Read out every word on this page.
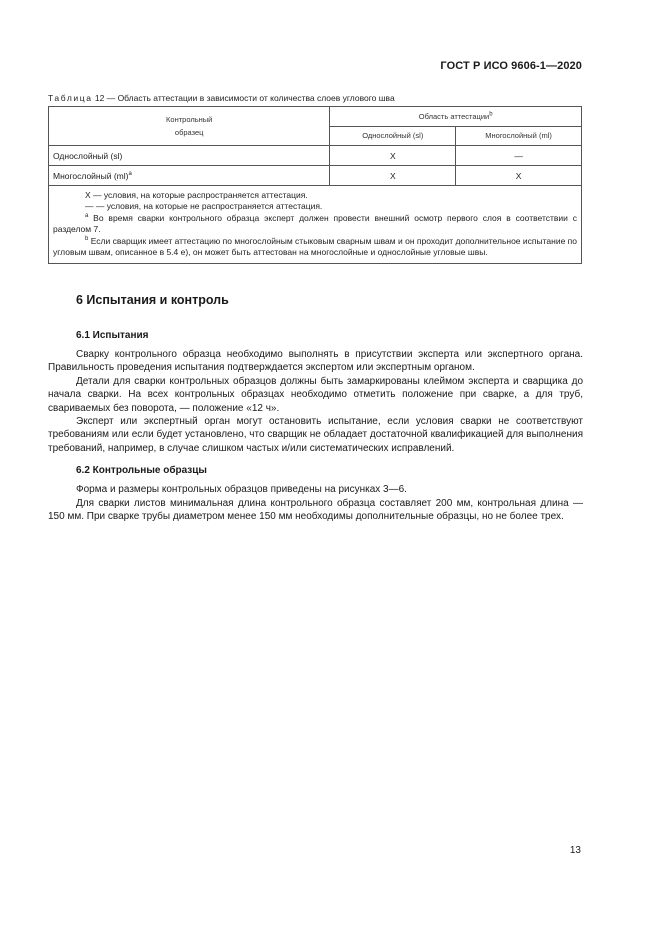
ГОСТ Р ИСО 9606-1—2020
Таблица 12 — Область аттестации в зависимости от количества слоев углового шва
Контрольный
образец	Область аттестации$^b$
	Однослойный (sl)	Многослойный (ml)
Однослойный (sl)	X	—
Многослойный (ml)$^a$	X	X

X — условия, на которые распространяется аттестация.

— — условия, на которые не распространяется аттестация.

$^a$ Во время сварки контрольного образца эксперт должен провести внешний осмотр первого слоя в соответствии с разделом 7.

$^b$ Если сварщик имеет аттестацию по многослойным стыковым сварным швам и он проходит дополнительное испытание по угловым швам, описанное в 5.4 е), он может быть аттестован на многослойные и однослойные угловые швы.		

6 Испытания и контроль
6.1 Испытания

Сварку контрольного образца необходимо выполнять в присутствии эксперта или экспертного органа. Правильность проведения испытания подтверждается экспертом или экспертным органом.

Детали для сварки контрольных образцов должны быть замаркированы клеймом эксперта и сварщика до начала сварки. На всех контрольных образцах необходимо отметить положение при сварке, а для труб, свариваемых без поворота, — положение «12 ч».

Эксперт или экспертный орган могут остановить испытание, если условия сварки не соответствуют требованиям или если будет установлено, что сварщик не обладает достаточной квалификацией для выполнения требований, например, в случае слишком частых и/или систематических исправлений.

6.2 Контрольные образцы

Форма и размеры контрольных образцов приведены на рисунках 3—6.

Для сварки листов минимальная длина контрольного образца составляет 200 мм, контрольная длина — 150 мм. При сварке трубы диаметром менее 150 мм необходимы дополнительные образцы, но не более трех.

13
